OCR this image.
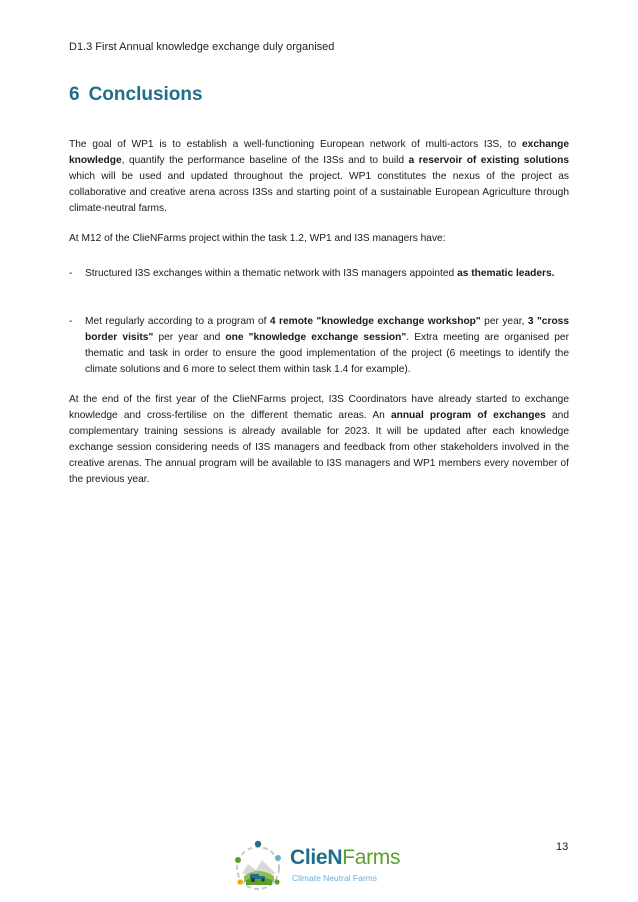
D1.3 First Annual knowledge exchange duly organised
6 Conclusions

The goal of WP1 is to establish a well-functioning European network of multi-actors I3S, to exchange knowledge, quantify the performance baseline of the I3Ss and to build a reservoir of existing solutions which will be used and updated throughout the project. WP1 constitutes the nexus of the project as collaborative and creative arena across I3Ss and starting point of a sustainable European Agriculture through climate-neutral farms.

At M12 of the ClieNFarms project within the task 1.2, WP1 and I3S managers have:

- Structured I3S exchanges within a thematic network with I3S managers appointed as thematic leaders.
- Met regularly according to a program of 4 remote "knowledge exchange workshop" per year, 3 "cross border visits" per year and one "knowledge exchange session". Extra meeting are organised per thematic and task in order to ensure the good implementation of the project (6 meetings to identify the climate solutions and 6 more to select them within task 1.4 for example).

At the end of the first year of the ClieNFarms project, I3S Coordinators have already started to exchange knowledge and cross-fertilise on the different thematic areas. An annual program of exchanges and complementary training sessions is already available for 2023. It will be updated after each knowledge exchange session considering needs of I3S managers and feedback from other stakeholders involved in the creative arenas. The annual program will be available to I3S managers and WP1 members every november of the previous year.

13
ClieNFarms
Climate Neutral Farms
